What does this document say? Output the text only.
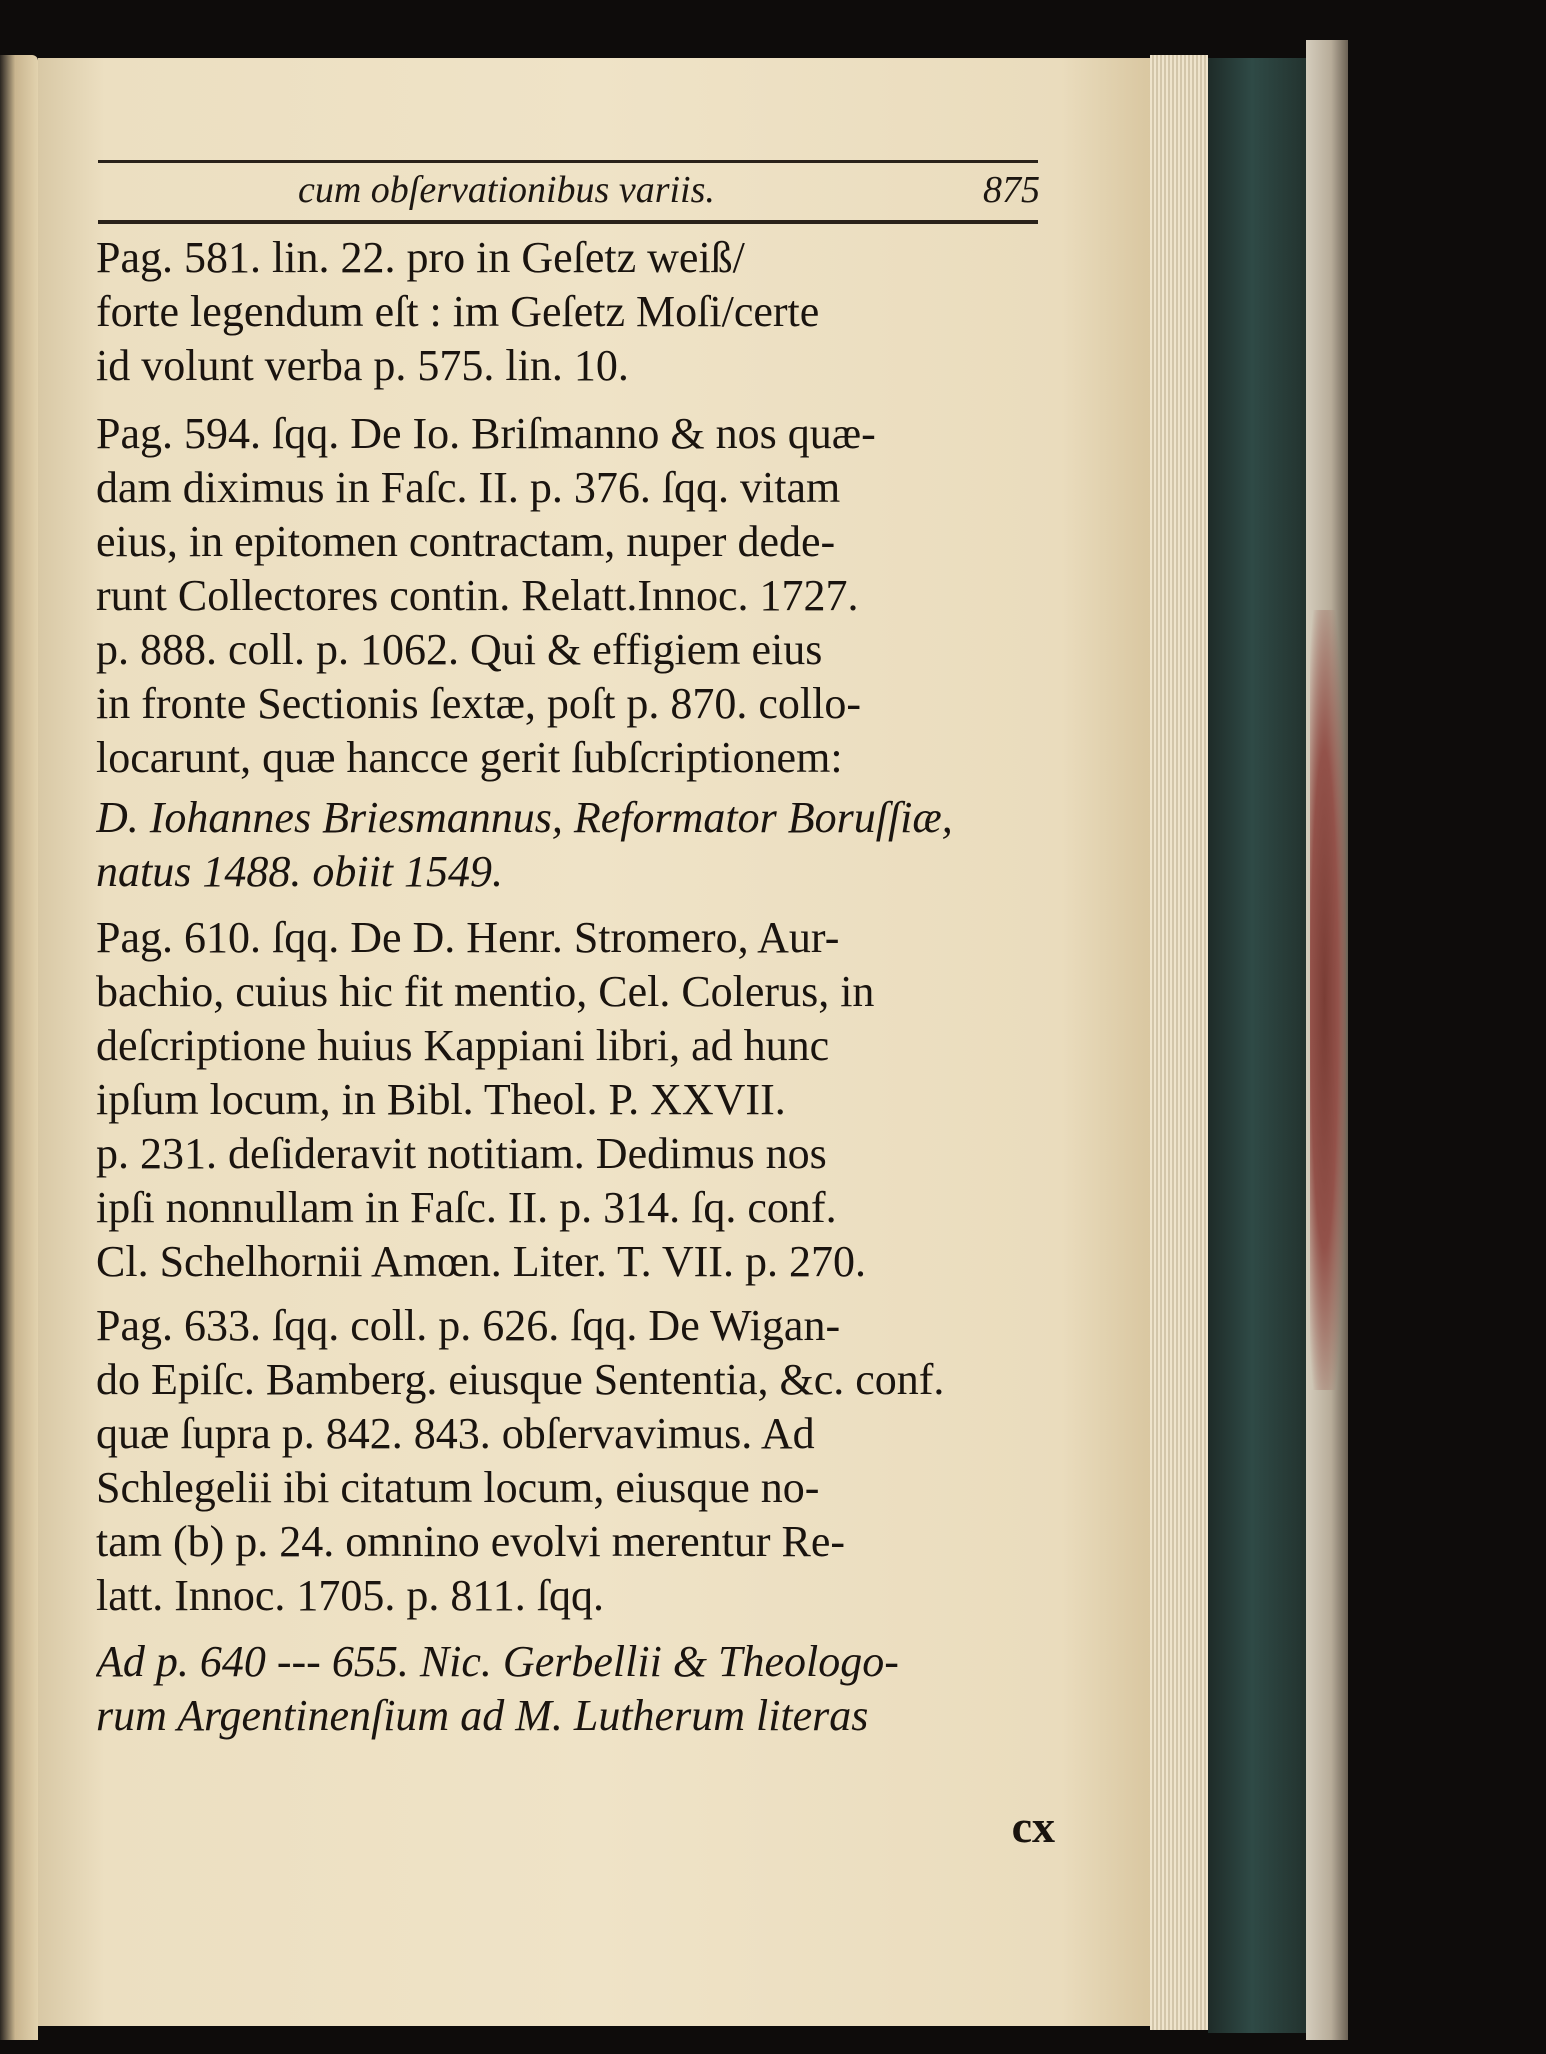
cum obſervationibus variis.	875
Pag. 581. lin. 22. pro in Geſetz weiß/
forte legendum eſt : im Geſetz Moſi/certe
id volunt verba p. 575. lin. 10.
Pag. 594. ſqq. De Io. Briſmanno & nos quæ-
dam diximus in Faſc. II. p. 376. ſqq. vitam
eius, in epitomen contractam, nuper dede-
runt Collectores contin. Relatt.Innoc. 1727.
p. 888. coll. p. 1062. Qui & effigiem eius
in fronte Sectionis ſextæ, poſt p. 870. collo-
locarunt, quæ hancce gerit ſubſcriptionem:
D. Iohannes Briesmannus, Reformator Boruſſiæ,
natus 1488. obiit 1549.
Pag. 610. ſqq. De D. Henr. Stromero, Aur-
bachio, cuius hic fit mentio, Cel. Colerus, in
deſcriptione huius Kappiani libri, ad hunc
ipſum locum, in Bibl. Theol. P. XXVII.
p. 231. deſideravit notitiam. Dedimus nos
ipſi nonnullam in Faſc. II. p. 314. ſq. conf.
Cl. Schelhornii Amœn. Liter. T. VII. p. 270.
Pag. 633. ſqq. coll. p. 626. ſqq. De Wigan-
do Epiſc. Bamberg. eiusque Sententia, &c. conf.
quæ ſupra p. 842. 843. obſervavimus. Ad
Schlegelii ibi citatum locum, eiusque no-
tam (b) p. 24. omnino evolvi merentur Re-
latt. Innoc. 1705. p. 811. ſqq.
Ad p. 640 --- 655. Nic. Gerbellii & Theologo-
rum Argentinenſium ad M. Lutherum literas
cx
